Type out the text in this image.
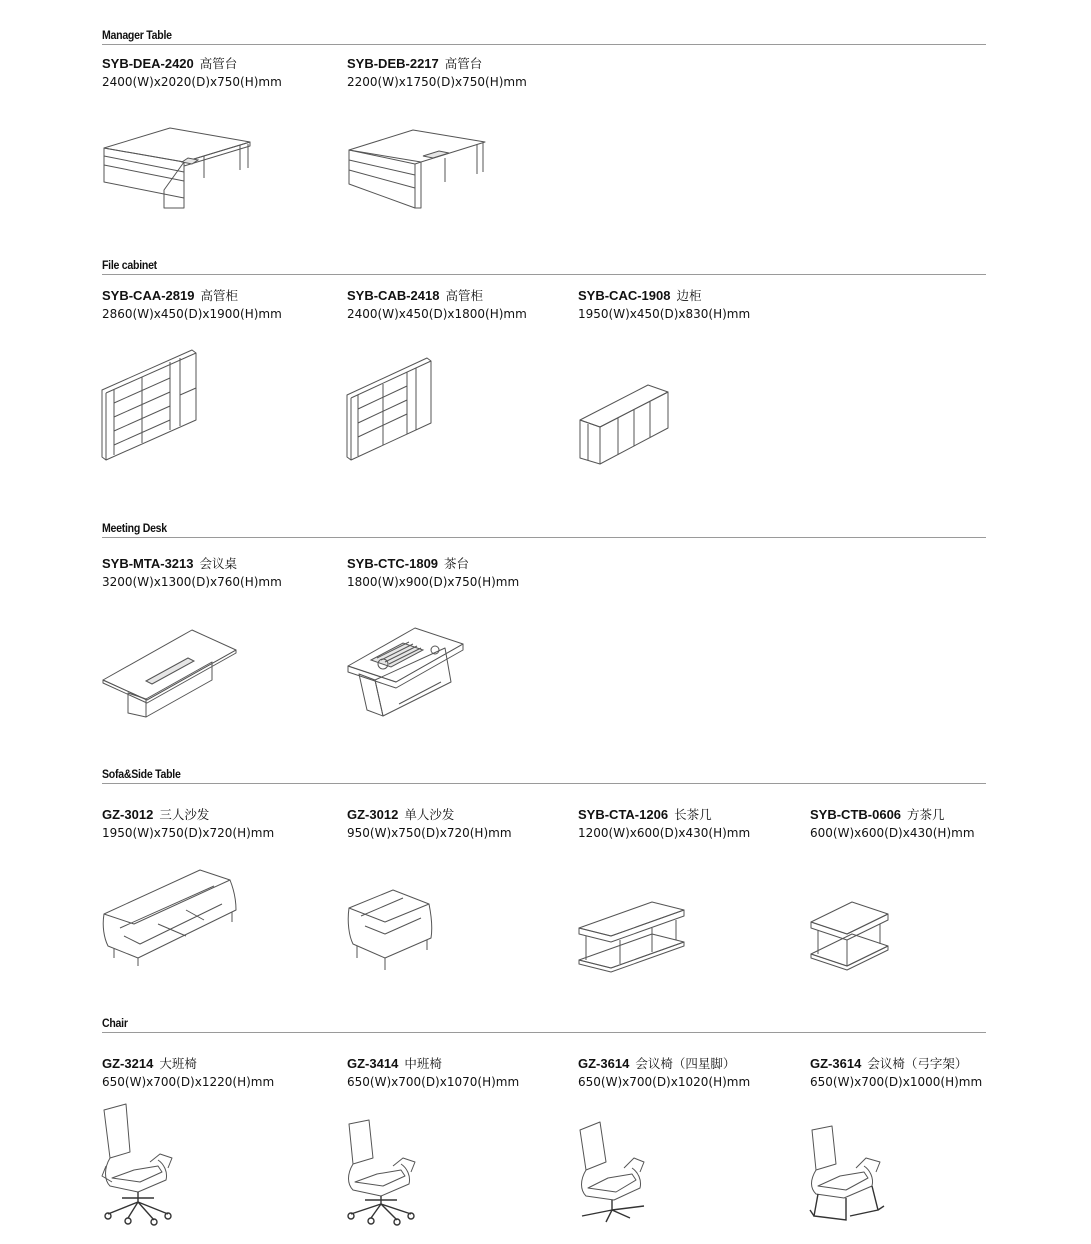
Manager Table
SYB-DEA-2420 高管台
2400(W)x2020(D)x750(H)mm
SYB-DEB-2217 高管台
2200(W)x1750(D)x750(H)mm
File cabinet
SYB-CAA-2819 高管柜
2860(W)x450(D)x1900(H)mm
SYB-CAB-2418 高管柜
2400(W)x450(D)x1800(H)mm
SYB-CAC-1908 边柜
1950(W)x450(D)x830(H)mm
Meeting Desk
SYB-MTA-3213 会议桌
3200(W)x1300(D)x760(H)mm
SYB-CTC-1809 茶台
1800(W)x900(D)x750(H)mm
Sofa&Side Table
GZ-3012 三人沙发
1950(W)x750(D)x720(H)mm
GZ-3012 单人沙发
950(W)x750(D)x720(H)mm
SYB-CTA-1206 长茶几
1200(W)x600(D)x430(H)mm
SYB-CTB-0606 方茶几
600(W)x600(D)x430(H)mm
Chair
GZ-3214 大班椅
650(W)x700(D)x1220(H)mm
GZ-3414 中班椅
650(W)x700(D)x1070(H)mm
GZ-3614 会议椅（四星脚）
650(W)x700(D)x1020(H)mm
GZ-3614 会议椅（弓字架）
650(W)x700(D)x1000(H)mm
